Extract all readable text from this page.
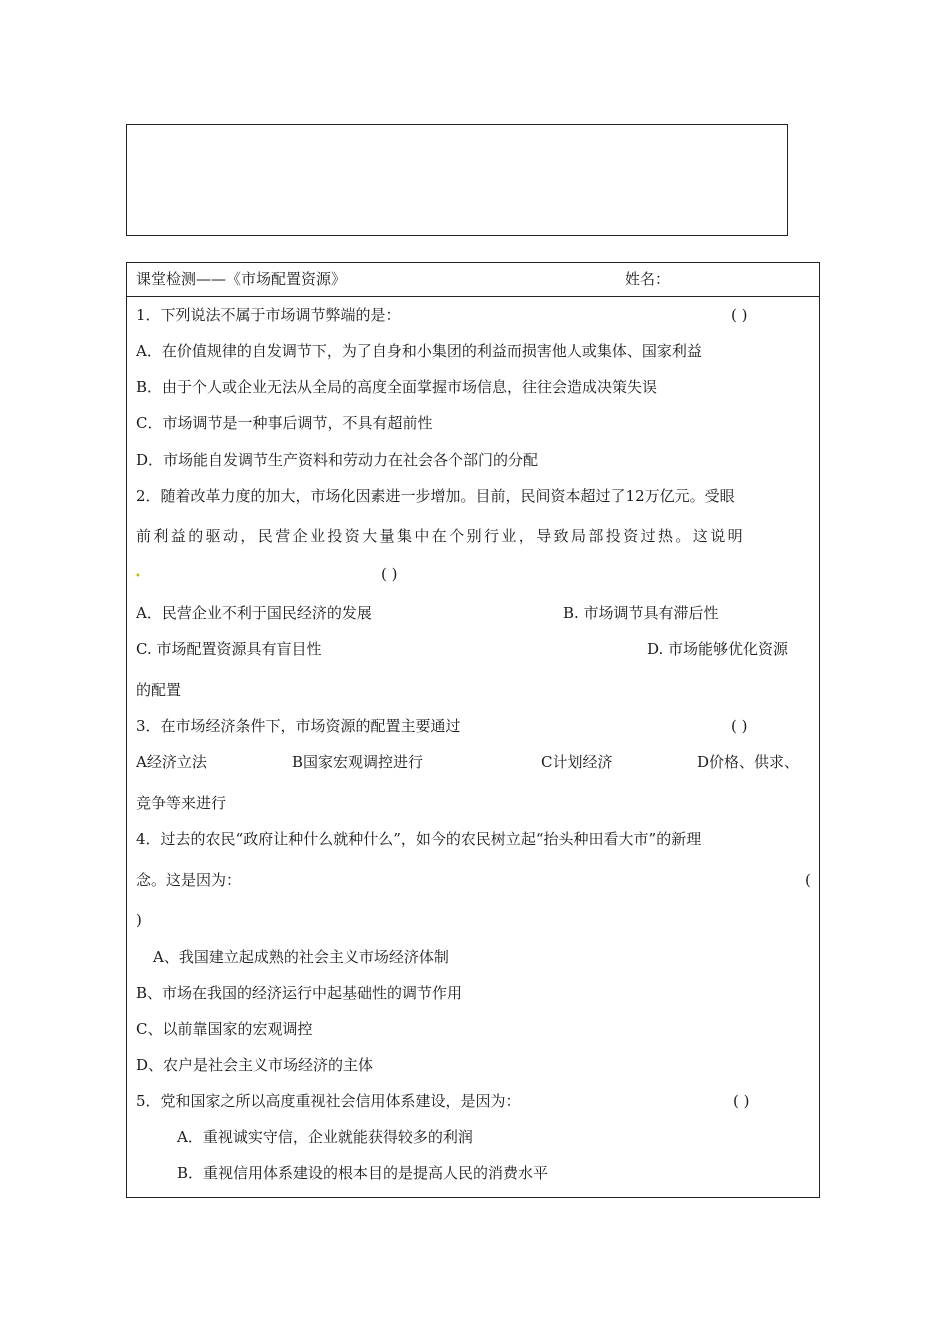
课堂检测——《市场配置资源》	姓名：
1．下列说法不属于市场调节弊端的是：	( )
A．在价值规律的自发调节下，为了自身和小集团的利益而损害他人或集体、国家利益
B．由于个人或企业无法从全局的高度全面掌握市场信息，往往会造成决策失误
C．市场调节是一种事后调节，不具有超前性
D．市场能自发调节生产资料和劳动力在社会各个部门的分配
2．随着改革力度的加大，市场化因素进一步增加。目前，民间资本超过了12万亿元。受眼
前利益的驱动，民营企业投资大量集中在个别行业，导致局部投资过热。这说明
•	( )
A．民营企业不利于国民经济的发展	B. 市场调节具有滞后性
C. 市场配置资源具有盲目性	D. 市场能够优化资源
的配置
3．在市场经济条件下，市场资源的配置主要通过	( )
A经济立法	B国家宏观调控进行	C计划经济	D价格、供求、
竞争等来进行
4．过去的农民“政府让种什么就种什么”，如今的农民树立起“抬头种田看大市”的新理
念。这是因为：	(
)
A、我国建立起成熟的社会主义市场经济体制
B、市场在我国的经济运行中起基础性的调节作用
C、以前靠国家的宏观调控
D、农户是社会主义市场经济的主体
5．党和国家之所以高度重视社会信用体系建设，是因为：	( )
A．重视诚实守信，企业就能获得较多的利润
B．重视信用体系建设的根本目的是提高人民的消费水平
